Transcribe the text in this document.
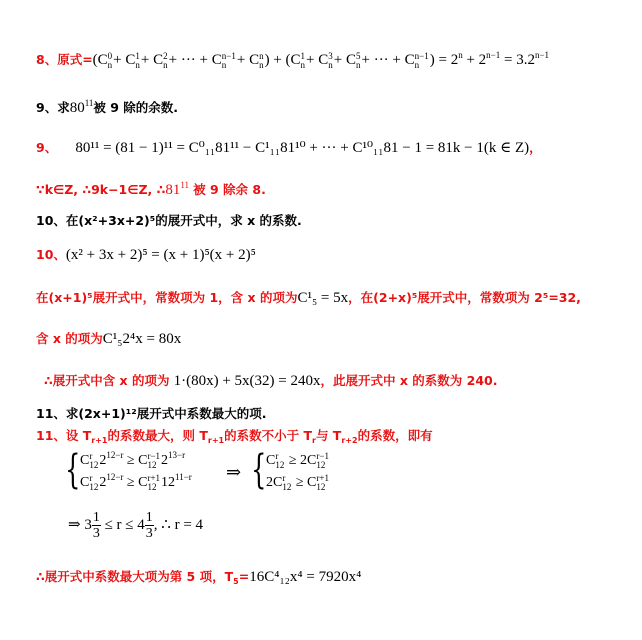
8、原式=(C 0
n + C 1
n + C 2
n + ··· + C n−1
n + C n
n ) + (C 1
n + C 3
n + C 5
n + ··· + C n−1
n ) = $2^n + 2^{n-1} = 3.2^{n-1}$
9、求$80^{11}$被 9 除的余数.
9、 80¹¹ = (81 − 1)¹¹ = C⁰₁₁81¹¹ − C¹₁₁81¹⁰ + ··· + C¹⁰₁₁81 − 1 = 81k − 1(k ∈ Z)，
∵k∈Z, ∴9k−1∈Z, $\therefore 81^{11}$ 被 9 除余 8.
10、在(x²+3x+2)⁵的展开式中，求 x 的系数.
10、(x² + 3x + 2)⁵ = (x + 1)⁵(x + 2)⁵
在(x+1)⁵展开式中，常数项为 1，含 x 的项为C¹₅ = 5x，在(2+x)⁵展开式中，常数项为 2⁵=32,
含 x 的项为C¹₅2⁴x = 80x
∴展开式中含 x 的项为 1·(80x) + 5x(32) = 240x，此展开式中 x 的系数为 240.
11、求(2x+1)¹²展开式中系数最大的项.
11、设 $T_{r+1}$的系数最大，则 $T_{r+1}$的系数不小于 $T_r$与 $T_{r+2}$的系数，即有
{ C r
12 $2^{12-r} \ge C$ r−1
12 $2^{13-r}$
C r
12 $2^{12-r} \ge C$ r+1
12 $12^{11-r}$ ⇒ { C r
12 ≥ 2C r−1
12
2C r
12 ≥ C r+1
12
⇒ $3 \frac{1}{3} \le r \le 4 \frac{1}{3}$ , ∴ r = 4
∴展开式中系数最大项为第 5 项，$T_5=16C^4_{12}x^4 = 7920x^4$
